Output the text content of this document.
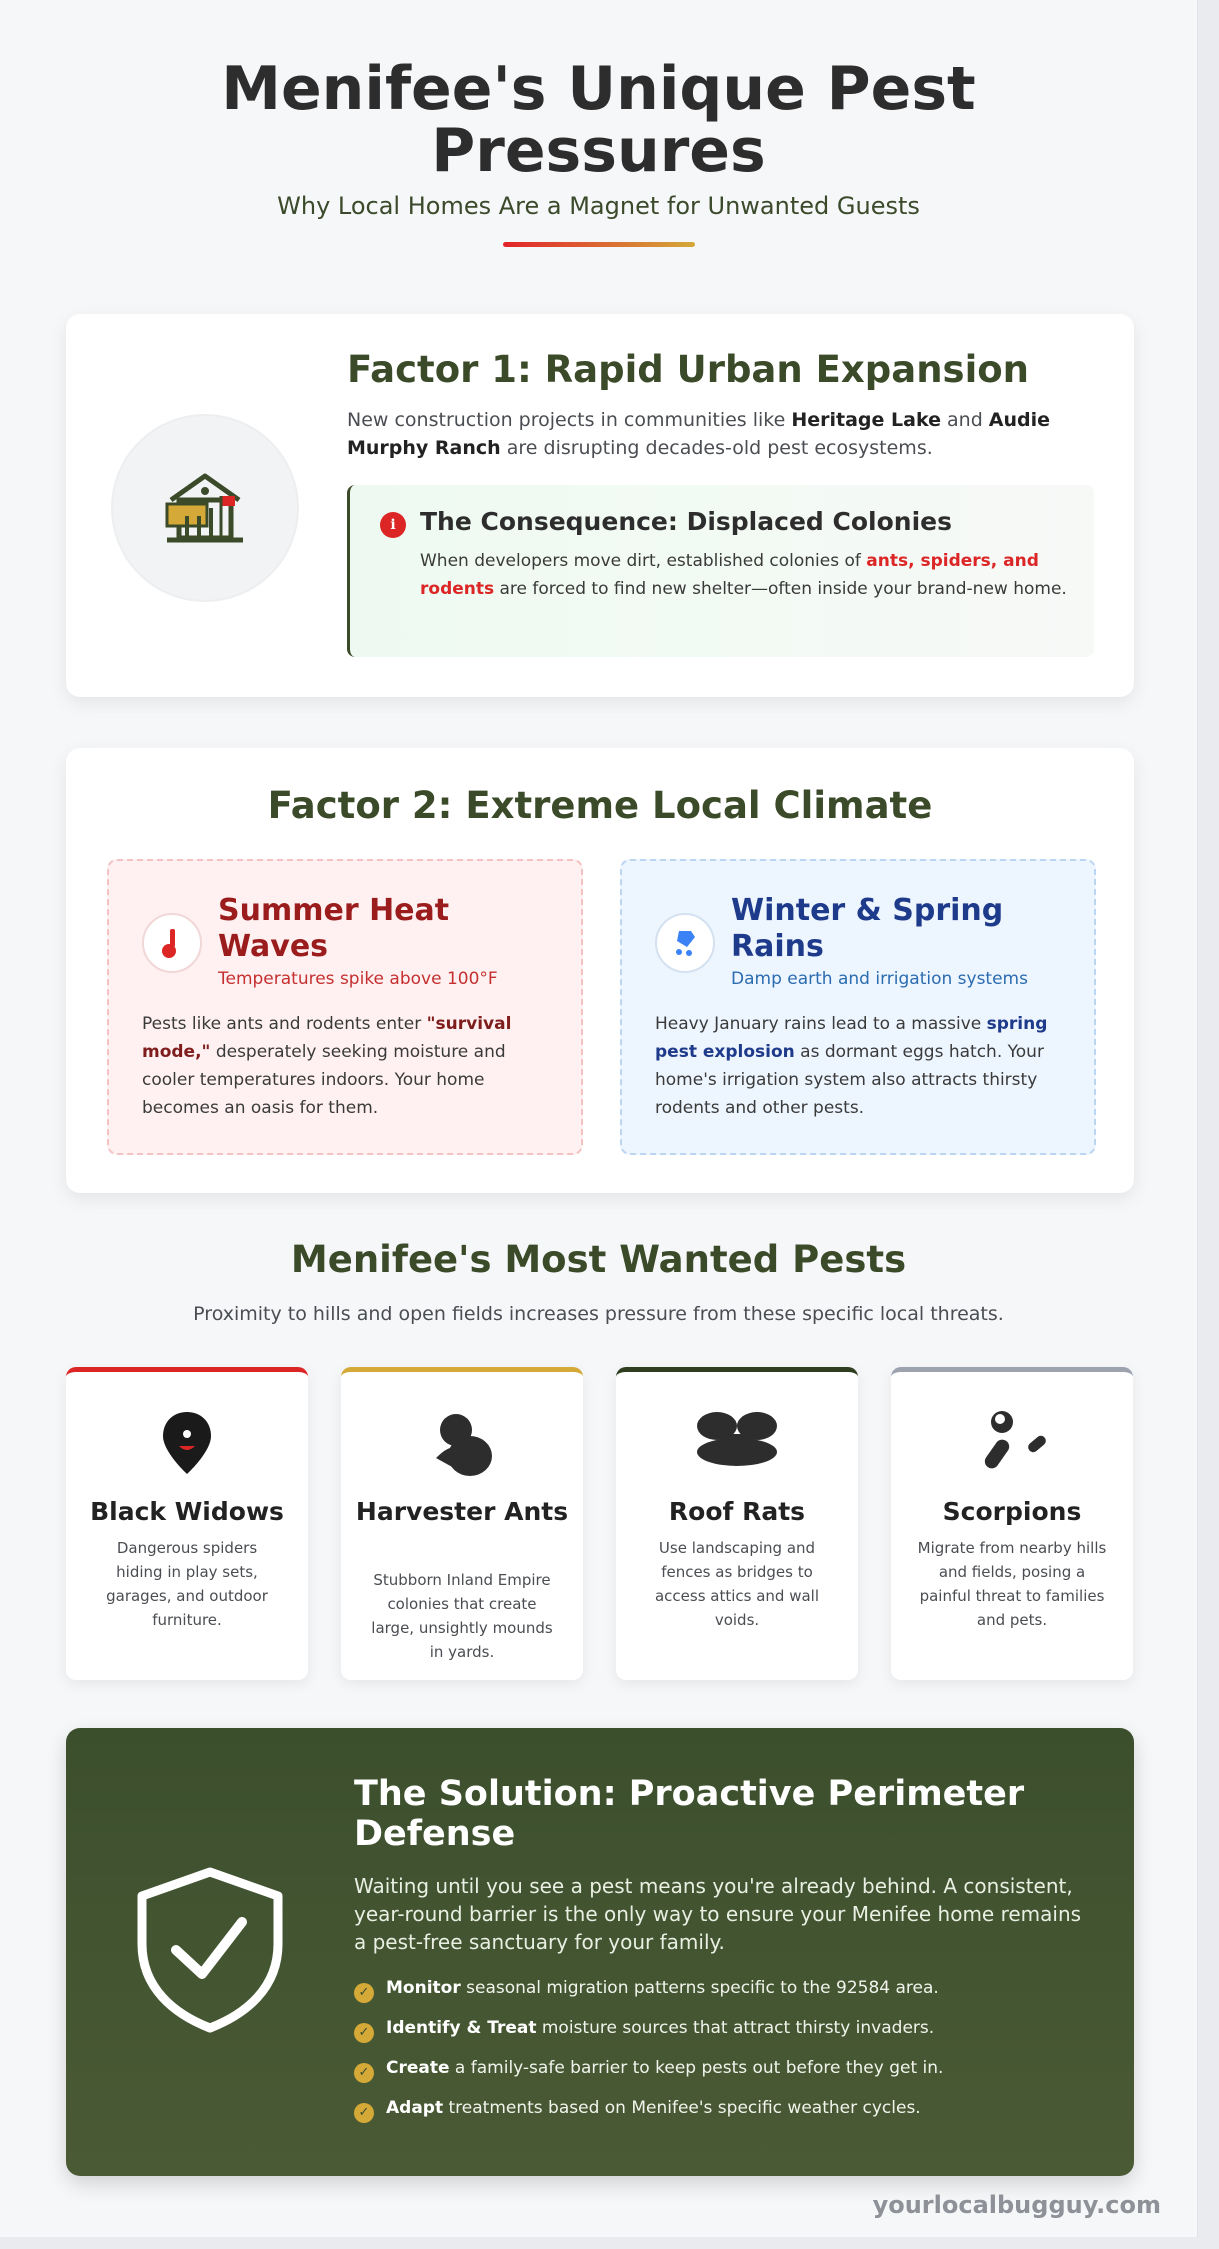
Menifee's Unique Pest Pressures
Why Local Homes Are a Magnet for Unwanted Guests
Factor 1: Rapid Urban Expansion
New construction projects in communities like Heritage Lake and Audie Murphy Ranch are disrupting decades-old pest ecosystems.
i The Consequence: Displaced Colonies

When developers move dirt, established colonies of ants, spiders, and rodents are forced to find new shelter—often inside your brand-new home.

Factor 2: Extreme Local Climate
Summer Heat Waves
Temperatures spike above 100°F

Pests like ants and rodents enter "survival mode," desperately seeking moisture and cooler temperatures indoors. Your home becomes an oasis for them.

Winter & Spring Rains
Damp earth and irrigation systems

Heavy January rains lead to a massive spring pest explosion as dormant eggs hatch. Your home's irrigation system also attracts thirsty rodents and other pests.

Menifee's Most Wanted Pests
Proximity to hills and open fields increases pressure from these specific local threats.
Black Widows

Dangerous spiders hiding in play sets, garages, and outdoor furniture.

Harvester Ants

Stubborn Inland Empire colonies that create large, unsightly mounds in yards.

Roof Rats

Use landscaping and fences as bridges to access attics and wall voids.

Scorpions

Migrate from nearby hills and fields, posing a painful threat to families and pets.

The Solution: Proactive Perimeter Defense
Waiting until you see a pest means you're already behind. A consistent, year-round barrier is the only way to ensure your Menifee home remains a pest-free sanctuary for your family.
✓ Monitor seasonal migration patterns specific to the 92584 area.
✓ Identify & Treat moisture sources that attract thirsty invaders.
✓ Create a family-safe barrier to keep pests out before they get in.
✓ Adapt treatments based on Menifee's specific weather cycles.
yourlocalbugguy.com
